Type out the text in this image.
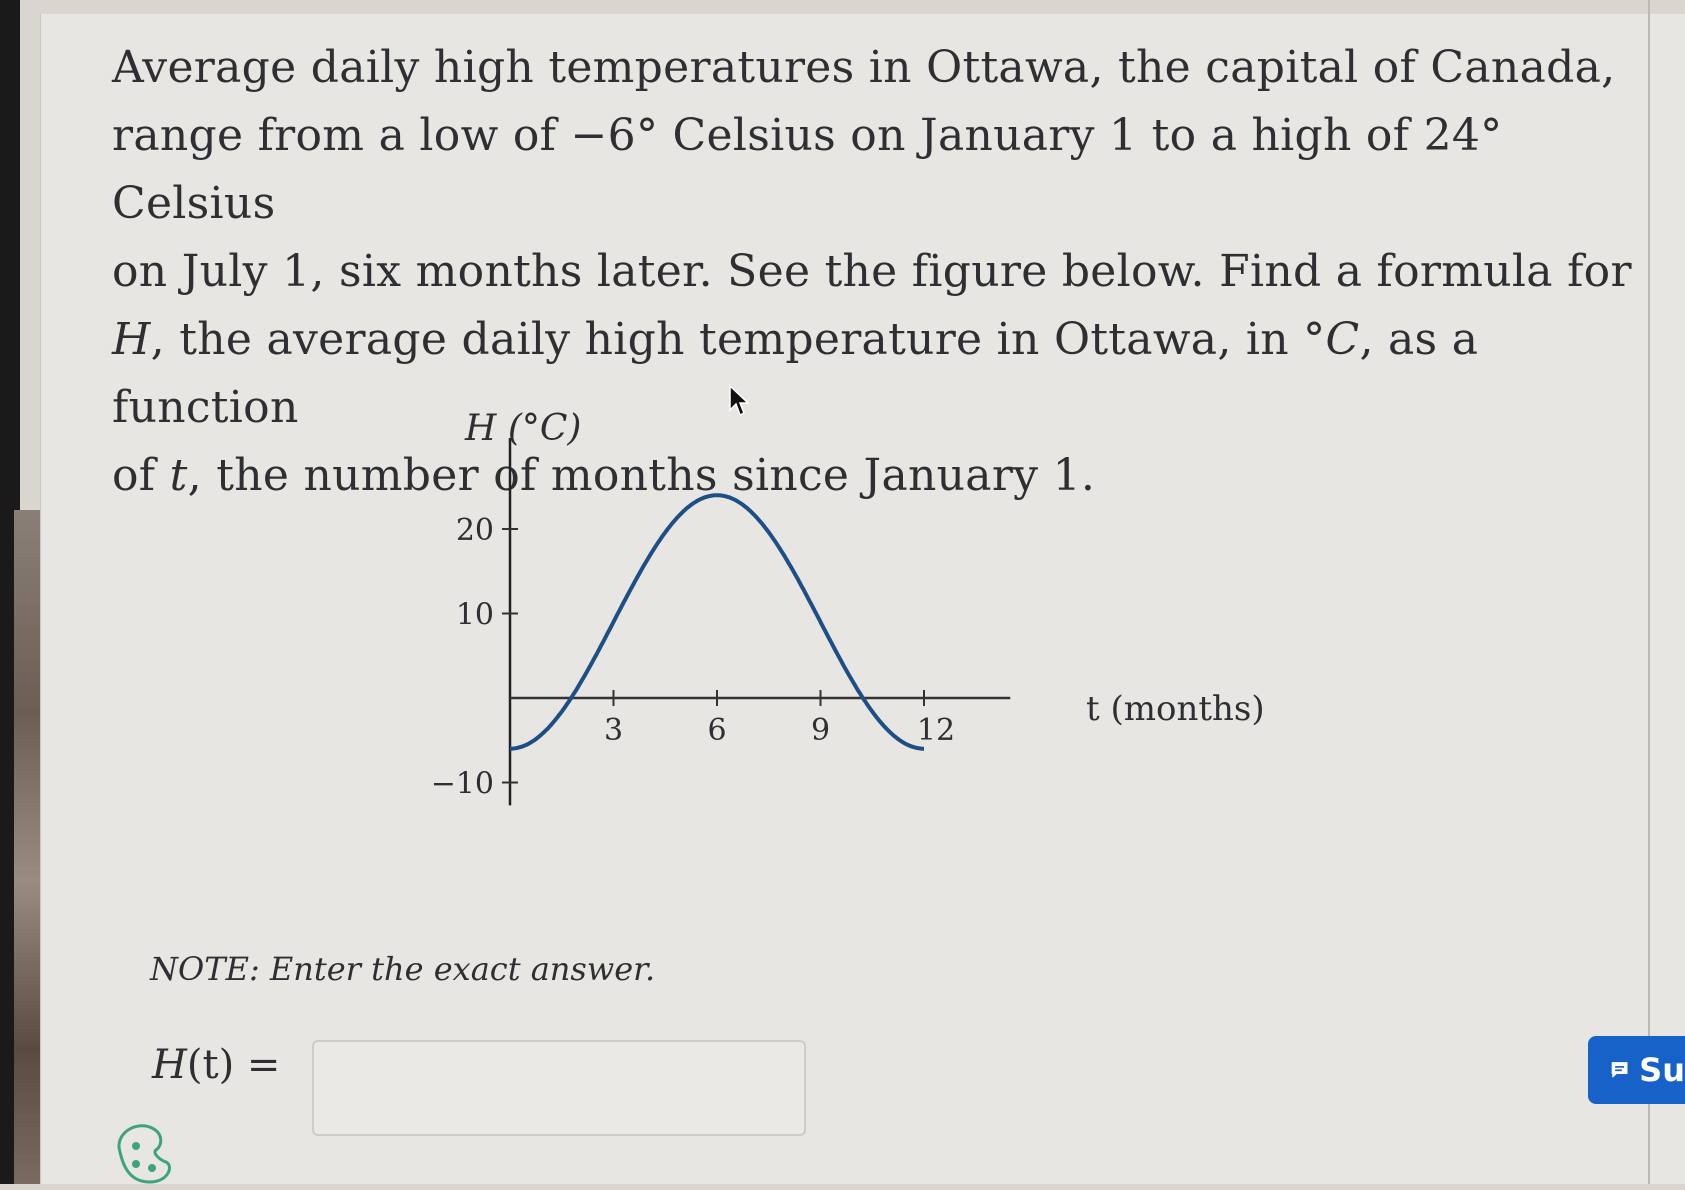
Average daily high temperatures in Ottawa, the capital of Canada,
range from a low of −6° Celsius on January 1 to a high of 24° Celsius
on July 1, six months later. See the figure below. Find a formula for
H, the average daily high temperature in Ottawa, in °C, as a function
of t, the number of months since January 1.
H (°C)
t (months)
3	6	9	12
20
10
−10

NOTE: Enter the exact answer.

H(t) =	Su
